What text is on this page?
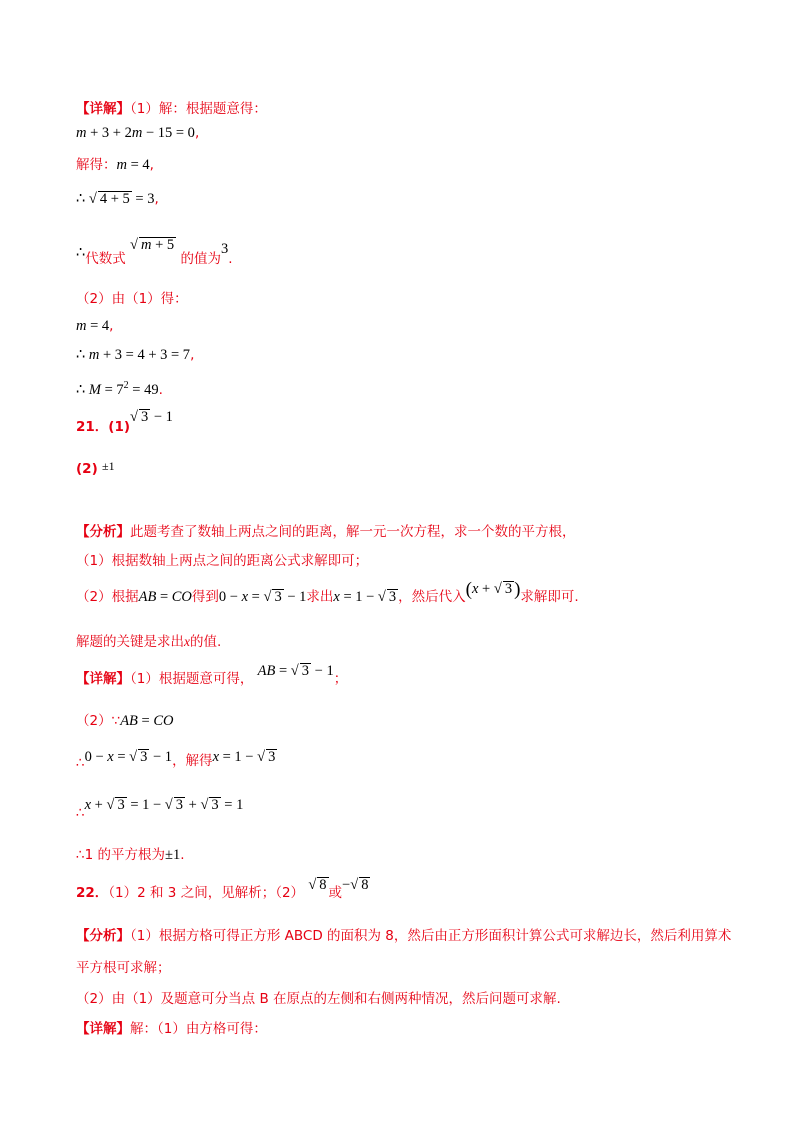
【详解】（1）解：根据题意得：
m + 3 + 2m − 15 = 0,
解得：m = 4,
∴ √ 4 + 5 = 3,
∴代数式 √ m + 5 的值为3.
（2）由（1）得：
m = 4,
∴ m + 3 = 4 + 3 = 7,
∴ $M = 7^2 = 49$.
21．(1)√ 3 − 1
(2) ±1
【分析】此题考查了数轴上两点之间的距离，解一元一次方程，求一个数的平方根，
（1）根据数轴上两点之间的距离公式求解即可；
（2）根据AB = CO得到0 − x = √ 3 − 1求出x = 1 − √ 3 ，然后代入(x + √ 3 )求解即可.
解题的关键是求出x的值.
【详解】（1）根据题意可得， AB = √ 3 − 1；
（2）∵AB = CO
∴0 − x = √ 3 − 1，解得x = 1 − √ 3
∴x + √ 3 = 1 − √ 3 + √ 3 = 1
∴1 的平方根为±1.
22．（1）2 和 3 之间，见解析；（2） √ 8 或−√ 8
【分析】（1）根据方格可得正方形 ABCD 的面积为 8，然后由正方形面积计算公式可求解边长，然后利用算术平方根可求解；
（2）由（1）及题意可分当点 B 在原点的左侧和右侧两种情况，然后问题可求解.
【详解】解：（1）由方格可得：
